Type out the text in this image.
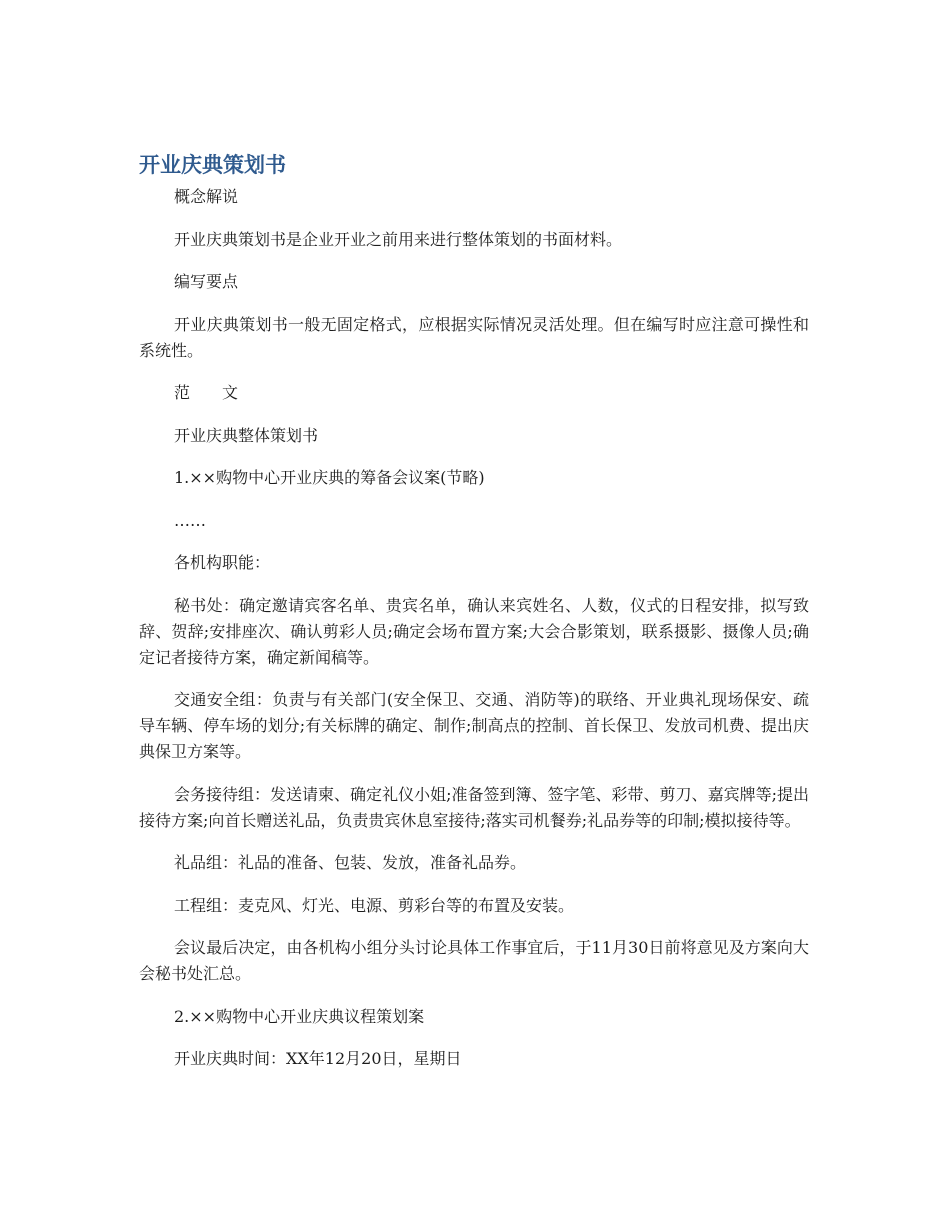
开业庆典策划书

概念解说

开业庆典策划书是企业开业之前用来进行整体策划的书面材料。

编写要点

开业庆典策划书一般无固定格式，应根据实际情况灵活处理。但在编写时应注意可操性和系统性。

范　　文

开业庆典整体策划书

1.××购物中心开业庆典的筹备会议案(节略)

……

各机构职能：

秘书处：确定邀请宾客名单、贵宾名单，确认来宾姓名、人数，仪式的日程安排，拟写致辞、贺辞;安排座次、确认剪彩人员;确定会场布置方案;大会合影策划，联系摄影、摄像人员;确定记者接待方案，确定新闻稿等。

交通安全组：负责与有关部门(安全保卫、交通、消防等)的联络、开业典礼现场保安、疏导车辆、停车场的划分;有关标牌的确定、制作;制高点的控制、首长保卫、发放司机费、提出庆典保卫方案等。

会务接待组：发送请柬、确定礼仪小姐;准备签到簿、签字笔、彩带、剪刀、嘉宾牌等;提出接待方案;向首长赠送礼品，负责贵宾休息室接待;落实司机餐券;礼品券等的印制;模拟接待等。

礼品组：礼品的准备、包装、发放，准备礼品券。

工程组：麦克风、灯光、电源、剪彩台等的布置及安装。

会议最后决定，由各机构小组分头讨论具体工作事宜后，于11月30日前将意见及方案向大会秘书处汇总。

2.××购物中心开业庆典议程策划案

开业庆典时间：XX年12月20日，星期日
